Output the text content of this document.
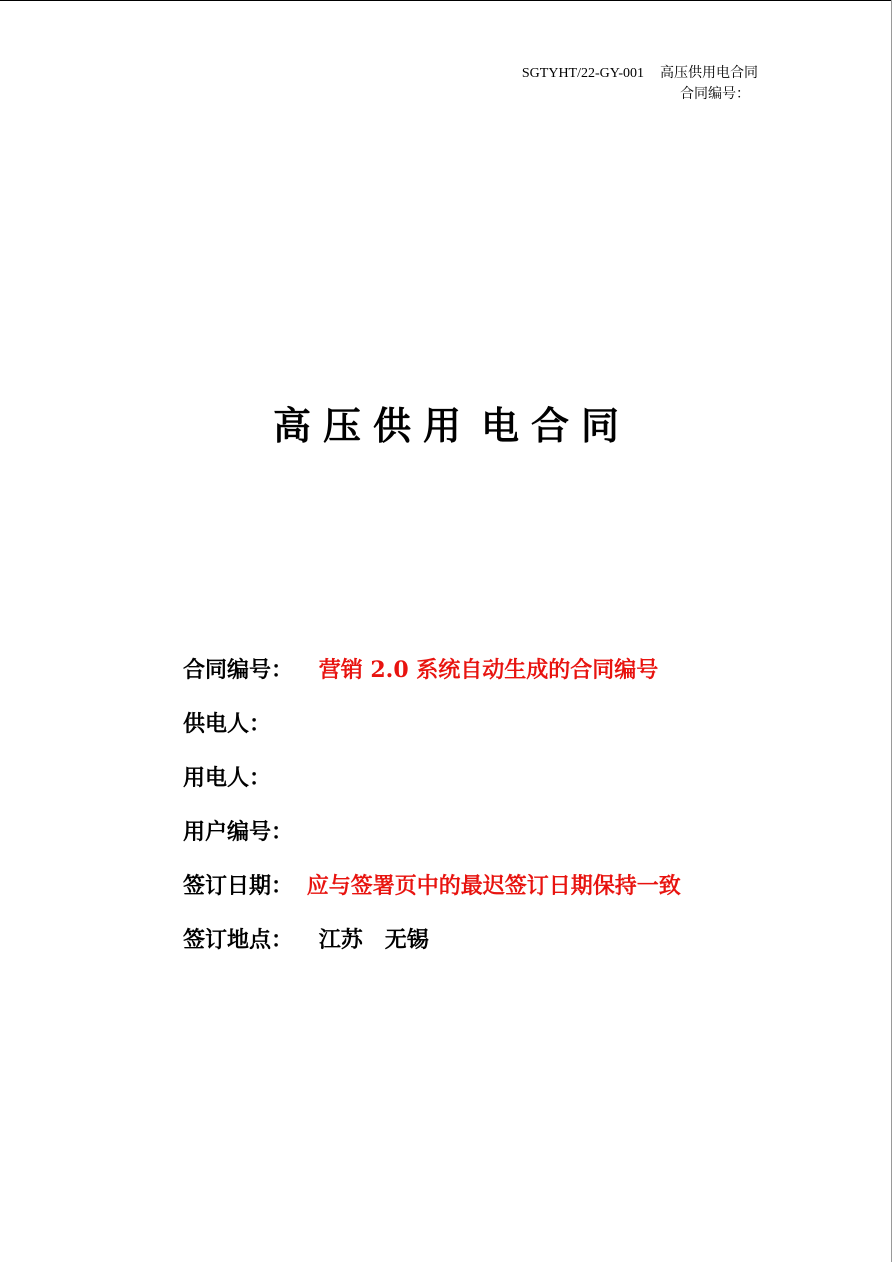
SGTYHT/22-GY-001 高压供用电合同
合同编号：
高 压 供 用 电 合 同
合同编号： 营销 2.0 系统自动生成的合同编号
供电人：
用电人：
用户编号：
签订日期： 应与签署页中的最迟签订日期保持一致
签订地点： 江苏　无锡
